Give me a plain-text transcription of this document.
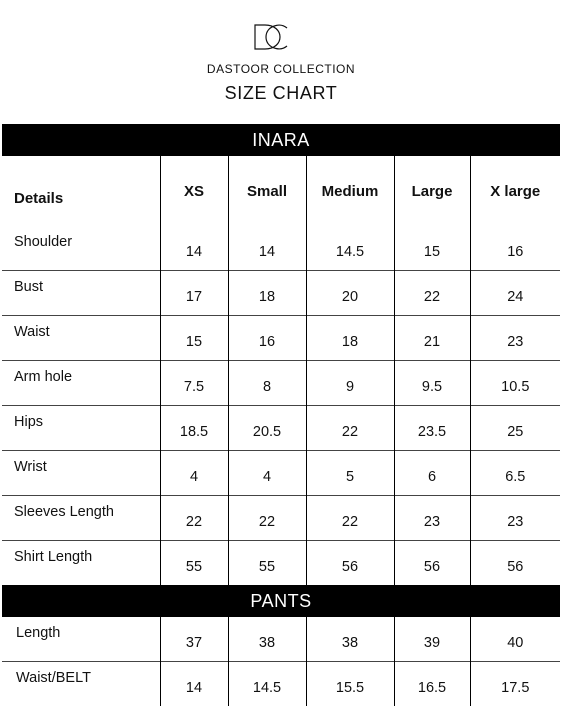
DASTOOR COLLECTION
SIZE CHART
INARA					
Details	XS	Small	Medium	Large	X large
Shoulder	14	14	14.5	15	16
Bust	17	18	20	22	24
Waist	15	16	18	21	23
Arm hole	7.5	8	9	9.5	10.5
Hips	18.5	20.5	22	23.5	25
Wrist	4	4	5	6	6.5
Sleeves Length	22	22	22	23	23
Shirt Length	55	55	56	56	56
PANTS					
Length	37	38	38	39	40
Waist/BELT	14	14.5	15.5	16.5	17.5
